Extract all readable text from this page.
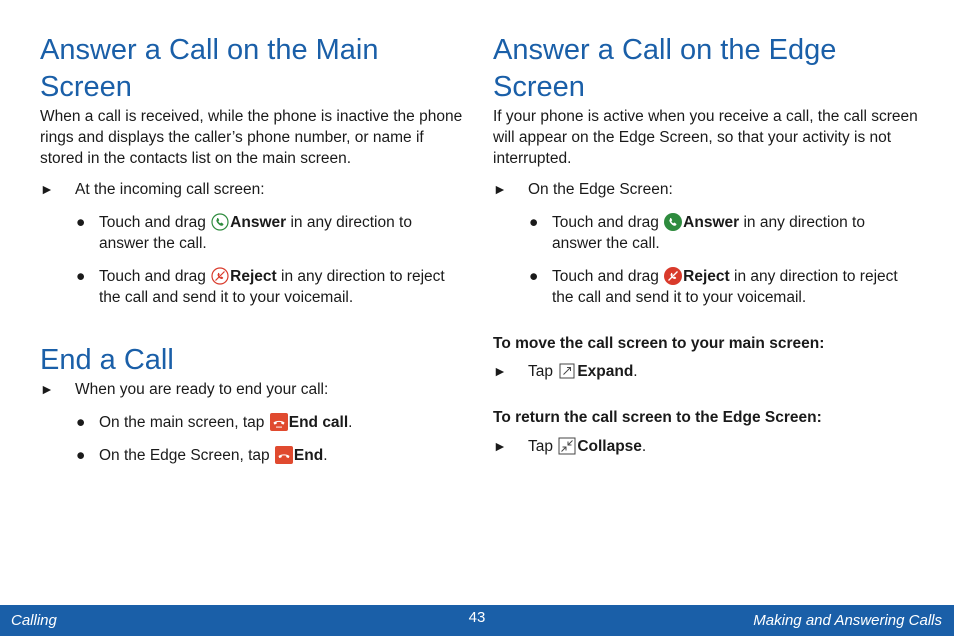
Answer a Call on the Main Screen

When a call is received, while the phone is inactive the phone rings and displays the caller’s phone number, or name if stored in the contacts list on the main screen.

► At the incoming call screen:
● Touch and drag
Answer in any direction to answer the call.
● Touch and drag
Reject in any direction to reject the call and send it to your voicemail.
End a Call
► When you are ready to end your call:
● On the main screen, tap
End call.
● On the Edge Screen, tap
End.
Answer a Call on the Edge Screen

If your phone is active when you receive a call, the call screen will appear on the Edge Screen, so that your activity is not interrupted.

► On the Edge Screen:
● Touch and drag
Answer in any direction to answer the call.
● Touch and drag
Reject in any direction to reject the call and send it to your voicemail.

To move the call screen to your main screen:

► Tap
Expand.

To return the call screen to the Edge Screen:

► Tap
Collapse.
Calling	43	Making and Answering Calls
